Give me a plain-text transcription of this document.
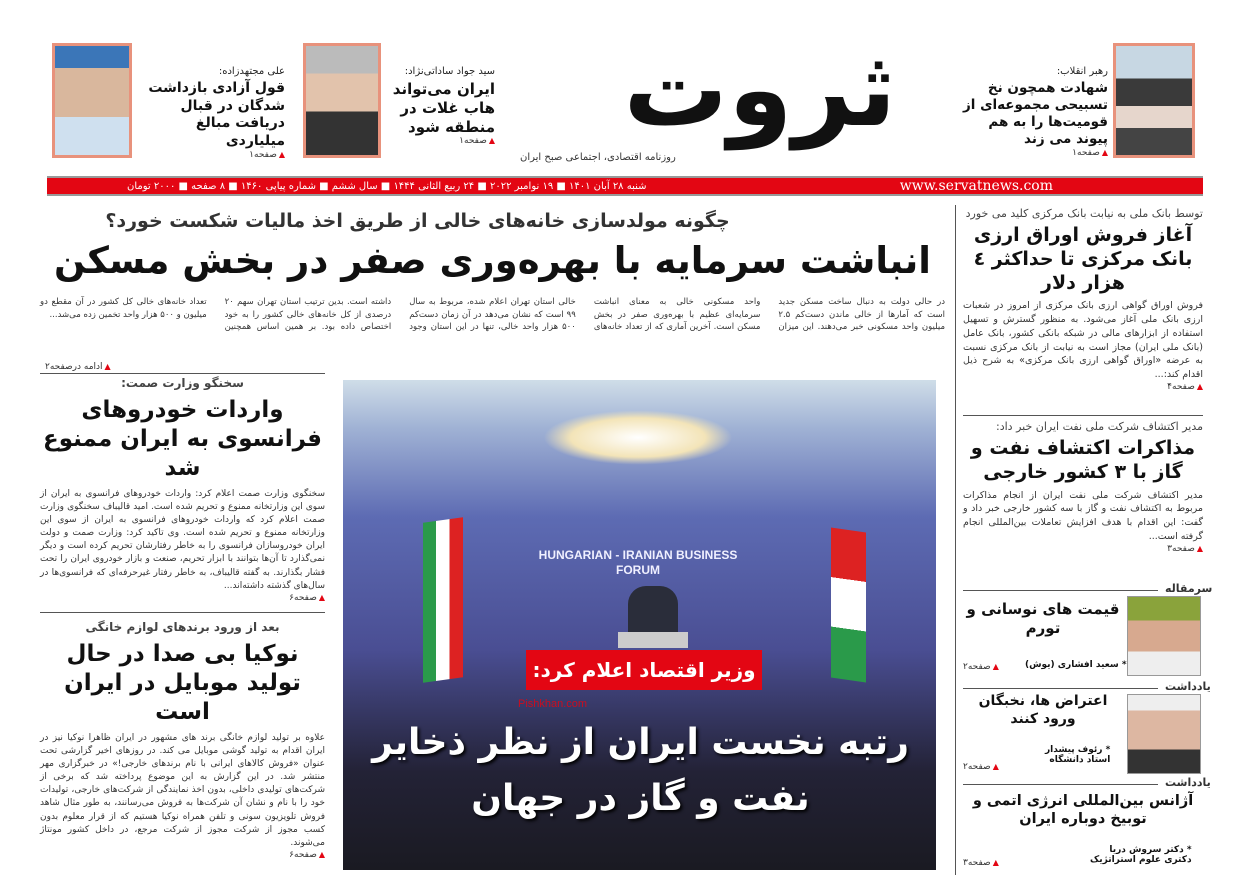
ثروت
روزنامه اقتصادی، اجتماعی صبح ایران
رهبر انقلاب:
شهادت همچون نخ تسبیحی مجموعه‌ای از قومیت‌ها را به هم پیوند می زند
▲ صفحه۱
سید جواد ساداتی‌نژاد:
ایران می‌تواند هاب غلات در منطقه شود
▲ صفحه۱
علی مجتهدزاده:
قول آزادی بازداشت شدگان در قبال دریافت مبالغ میلیاردی
▲ صفحه۱
www.servatnews.com
شنبه ۲۸ آبان ۱۴۰۱ ■ ۱۹ نوامبر ۲۰۲۲ ■ ۲۴ ربیع الثانی ۱۴۴۴ ■ سال ششم ■ شماره پیاپی ۱۴۶۰ ■ ۸ صفحه ■ ۲۰۰۰ تومان
توسط بانک ملی به نیابت بانک مرکزی کلید می خورد
آغاز فروش اوراق ارزی بانک مرکزی تا حداکثر ٤ هزار دلار
فروش اوراق گواهی ارزی بانک مرکزی از امروز در شعبات ارزی بانک ملی آغاز می‌شود. به منظور گسترش و تسهیل استفاده از ابزارهای مالی در شبکه بانکی کشور، بانک عامل (بانک ملی ایران) مجاز است به نیابت از بانک مرکزی نسبت به عرضه «اوراق گواهی ارزی بانک مرکزی» به شرح ذیل اقدام کند:...
▲ صفحه۴
مدیر اکتشاف شرکت ملی نفت ایران خبر داد:
مذاکرات اکتشاف نفت و گاز با ۳ کشور خارجی
مدیر اکتشاف شرکت ملی نفت ایران از انجام مذاکرات مربوط به اکتشاف نفت و گاز با سه کشور خارجی خبر داد و گفت: این اقدام با هدف افزایش تعاملات بین‌المللی انجام گرفته است...
▲ صفحه۳
سرمقاله
قیمت های نوسانی و تورم
* سعید افشاری (یوش)
▲ صفحه۲
یادداشت
اعتراض ها، نخبگان ورود کنند
* رئوف پیشدار
استاد دانشگاه
▲ صفحه۲
یادداشت
آژانس بین‌المللی انرژی اتمی و توبیخ دوباره ایران
* دکتر سروش دریا
دکتری علوم استراتژیک
▲ صفحه۳
چگونه مولدسازی خانه‌های خالی از طریق اخذ مالیات شکست خورد؟
انباشت سرمایه با بهره‌وری صفر در بخش مسکن
در حالی دولت به دنبال ساخت مسکن جدید است که آمارها از خالی ماندن دست‌کم ۲.۵ میلیون واحد مسکونی خبر می‌دهند. این میزان واحد مسکونی خالی به معنای انباشت سرمایه‌ای عظیم با بهره‌وری صفر در بخش مسکن است. آخرین آماری که از تعداد خانه‌های خالی استان تهران اعلام شده، مربوط به سال ۹۹ است که نشان می‌دهد در آن زمان دست‌کم ۵۰۰ هزار واحد خالی، تنها در این استان وجود داشته است. بدین ترتیب استان تهران سهم ۲۰ درصدی از کل خانه‌های خالی کشور را به خود اختصاص داده بود. بر همین اساس همچنین تعداد خانه‌های خالی کل کشور در آن مقطع دو میلیون و ۵۰۰ هزار واحد تخمین زده می‌شد...
▲ ادامه درصفحه۲
HUNGARIAN - IRANIAN BUSINESS FORUM
وزیر اقتصاد اعلام کرد:
Pishkhan.com
رتبه نخست ایران از نظر ذخایر نفت و گاز در جهان
سخنگو وزارت صمت:
واردات خودروهای فرانسوی به ایران ممنوع شد
سخنگوی وزارت صمت اعلام کرد: واردات خودروهای فرانسوی به ایران از سوی این وزارتخانه ممنوع و تحریم شده است. امید قالیباف سخنگوی وزارت صمت اعلام کرد که واردات خودروهای فرانسوی به ایران از سوی این وزارتخانه ممنوع و تحریم شده است. وی تاکید کرد: وزارت صمت و دولت ایران خودروسازان فرانسوی را به خاطر رفتارشان تحریم کرده است و دیگر نمی‌گذارد تا آن‌ها بتوانند با ابزار تحریم، صنعت و بازار خودروی ایران را تحت فشار بگذارند. به گفته قالیباف، به خاطر رفتار غیرحرفه‌ای که فرانسوی‌ها در سال‌های گذشته داشته‌اند...
▲ صفحه۶
بعد از ورود برندهای لوازم خانگی
نوکیا بی صدا در حال تولید موبایل در ایران است
علاوه بر تولید لوازم خانگی برند های مشهور در ایران ظاهرا نوکیا نیز در ایران اقدام به تولید گوشی موبایل می کند. در روزهای اخیر گزارشی تحت عنوان «فروش کالاهای ایرانی با نام برندهای خارجی!» در خبرگزاری مهر منتشر شد. در این گزارش به این موضوع پرداخته شد که برخی از شرکت‌های تولیدی داخلی، بدون اخذ نمایندگی از شرکت‌های خارجی، تولیدات خود را با نام و نشان آن شرکت‌ها به فروش می‌رسانند، به طور مثال شاهد فروش تلویزیون سونی و تلفن همراه نوکیا هستیم که از قرار معلوم بدون کسب مجوز از شرکت مجوز از شرکت مرجع، در داخل کشور مونتاژ می‌شوند.
▲ صفحه۶
